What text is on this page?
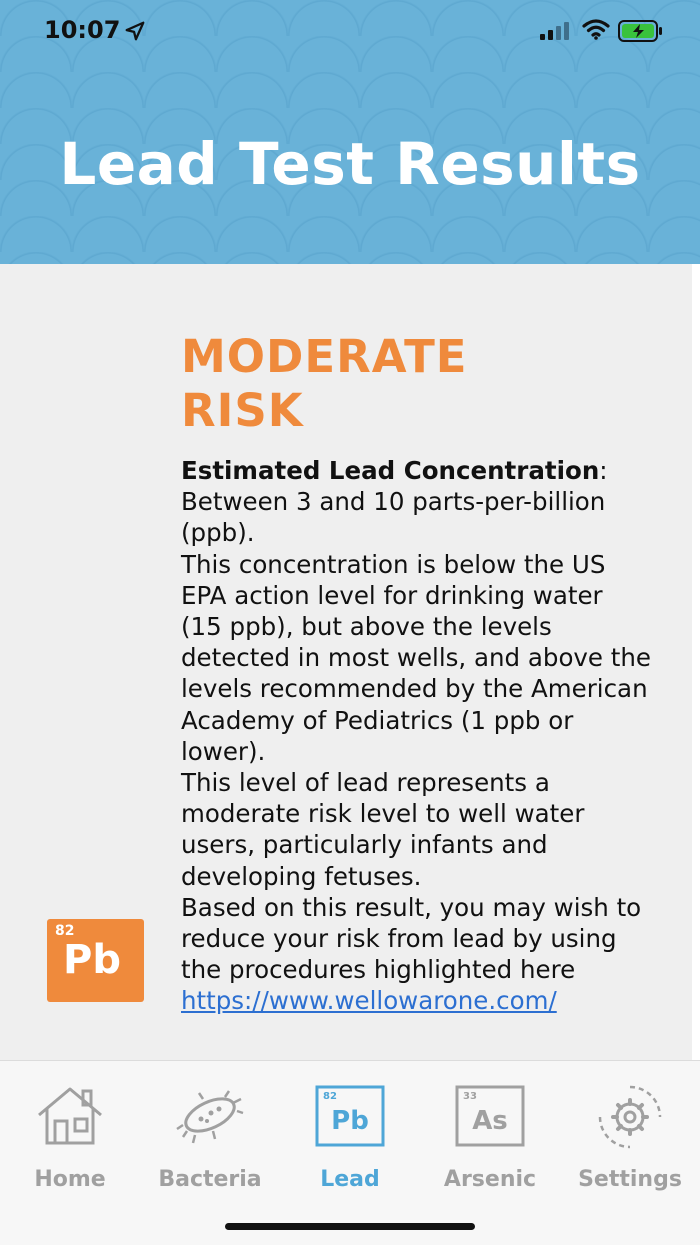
10:07
Lead Test Results
MODERATE
RISK

Estimated Lead Concentration: Between 3 and 10 parts-per-billion (ppb).

This concentration is below the US EPA action level for drinking water (15 ppb), but above the levels detected in most wells, and above the levels recommended by the American Academy of Pediatrics (1 ppb or lower).

This level of lead represents a moderate risk level to well water users, particularly infants and developing fetuses.

Based on this result, you may wish to reduce your risk from lead by using the procedures highlighted here https://www.wellowarone.com/

82
Pb
Home	Bacteria
82
Pb
Lead
33
As
Arsenic	Settings
